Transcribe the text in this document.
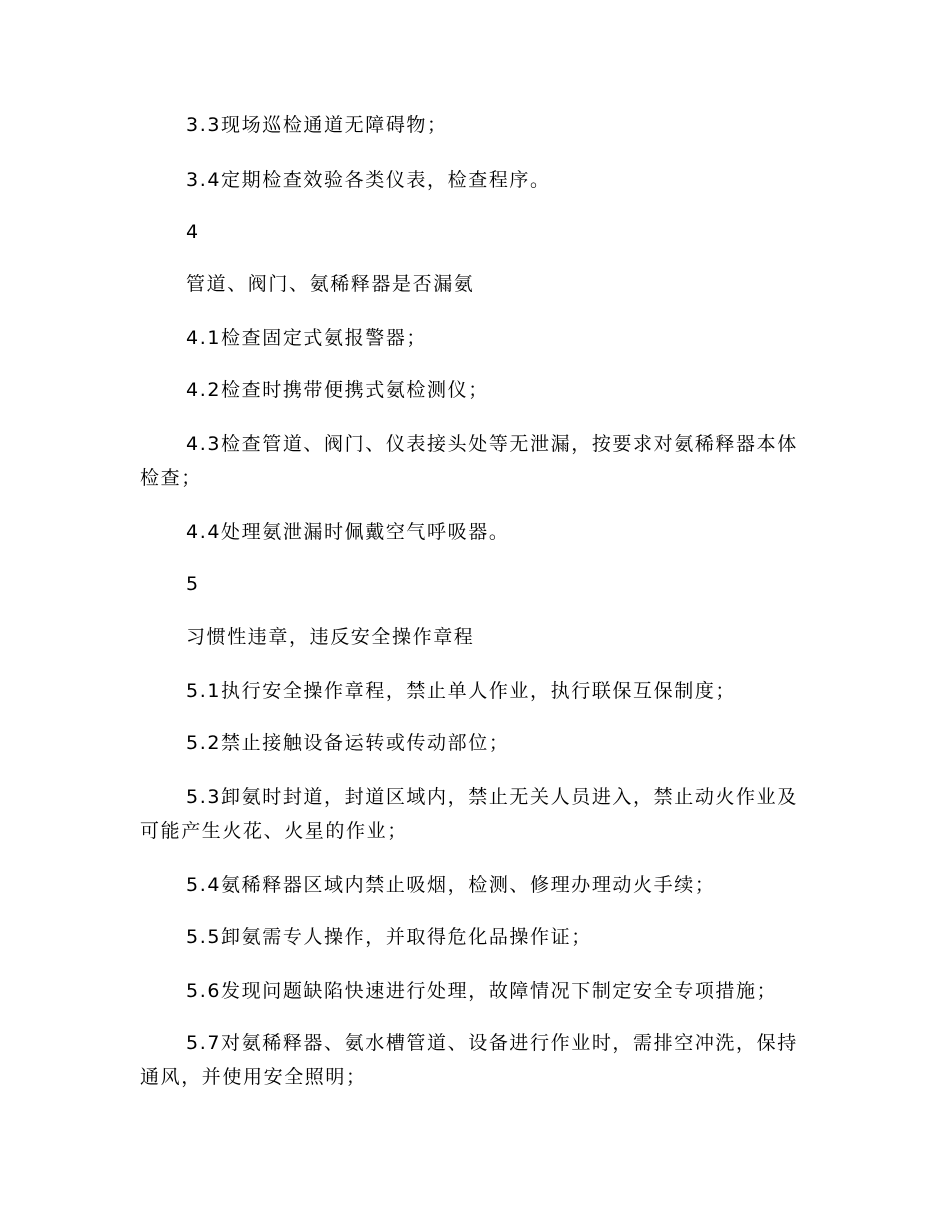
3.3现场巡检通道无障碍物；

3.4定期检查效验各类仪表，检查程序。

4

管道、阀门、氨稀释器是否漏氨

4.1检查固定式氨报警器；

4.2检查时携带便携式氨检测仪；

4.3检查管道、阀门、仪表接头处等无泄漏，按要求对氨稀释器本体检查；

4.4处理氨泄漏时佩戴空气呼吸器。

5

习惯性违章，违反安全操作章程

5.1执行安全操作章程，禁止单人作业，执行联保互保制度；

5.2禁止接触设备运转或传动部位；

5.3卸氨时封道，封道区域内，禁止无关人员进入，禁止动火作业及可能产生火花、火星的作业；

5.4氨稀释器区域内禁止吸烟，检测、修理办理动火手续；

5.5卸氨需专人操作，并取得危化品操作证；

5.6发现问题缺陷快速进行处理，故障情况下制定安全专项措施；

5.7对氨稀释器、氨水槽管道、设备进行作业时，需排空冲洗，保持通风，并使用安全照明；
